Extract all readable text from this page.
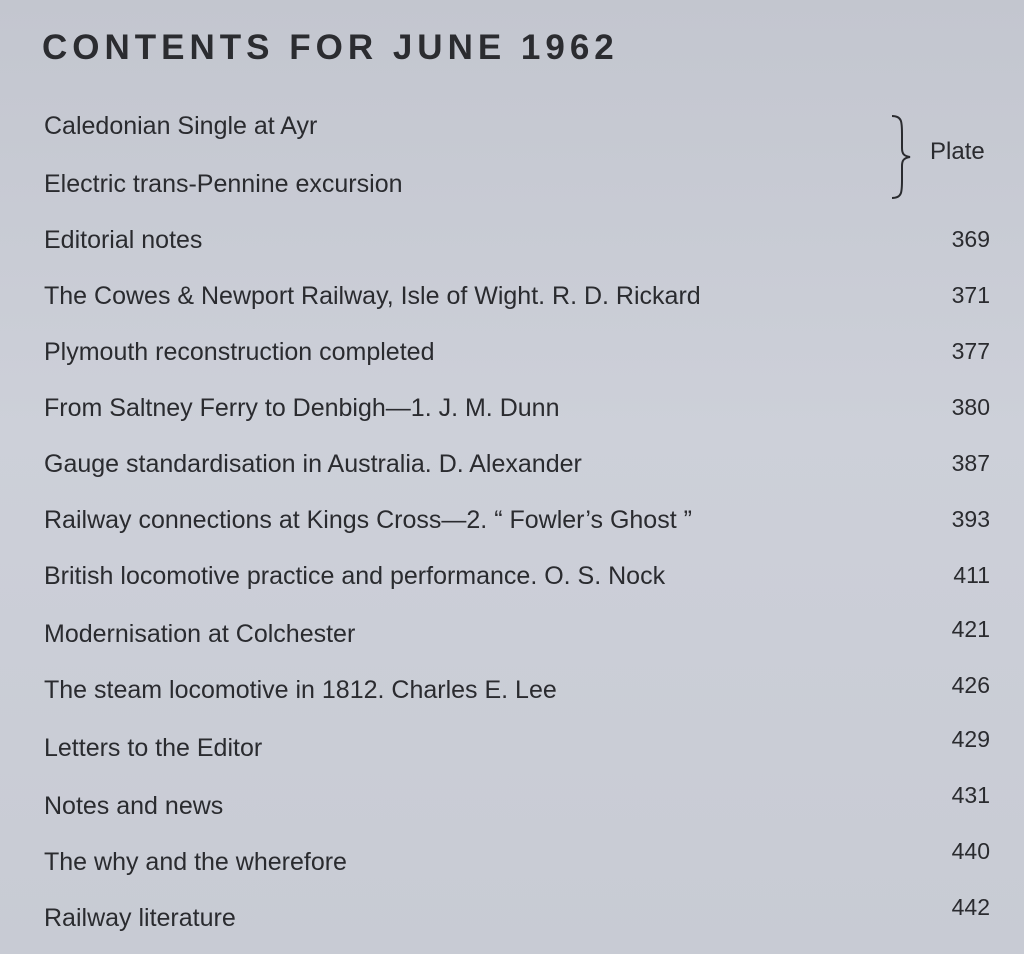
CONTENTS FOR JUNE 1962
Caledonian Single at Ayr
Electric trans-Pennine excursion
Plate
Editorial notes	369
The Cowes & Newport Railway, Isle of Wight. R. D. Rickard	371
Plymouth reconstruction completed	377
From Saltney Ferry to Denbigh—1. J. M. Dunn	380
Gauge standardisation in Australia. D. Alexander	387
Railway connections at Kings Cross—2. “ Fowler’s Ghost ”	393
British locomotive practice and performance. O. S. Nock	411
Modernisation at Colchester	421
The steam locomotive in 1812. Charles E. Lee	426
Letters to the Editor	429
Notes and news	431
The why and the wherefore	440
Railway literature	442
